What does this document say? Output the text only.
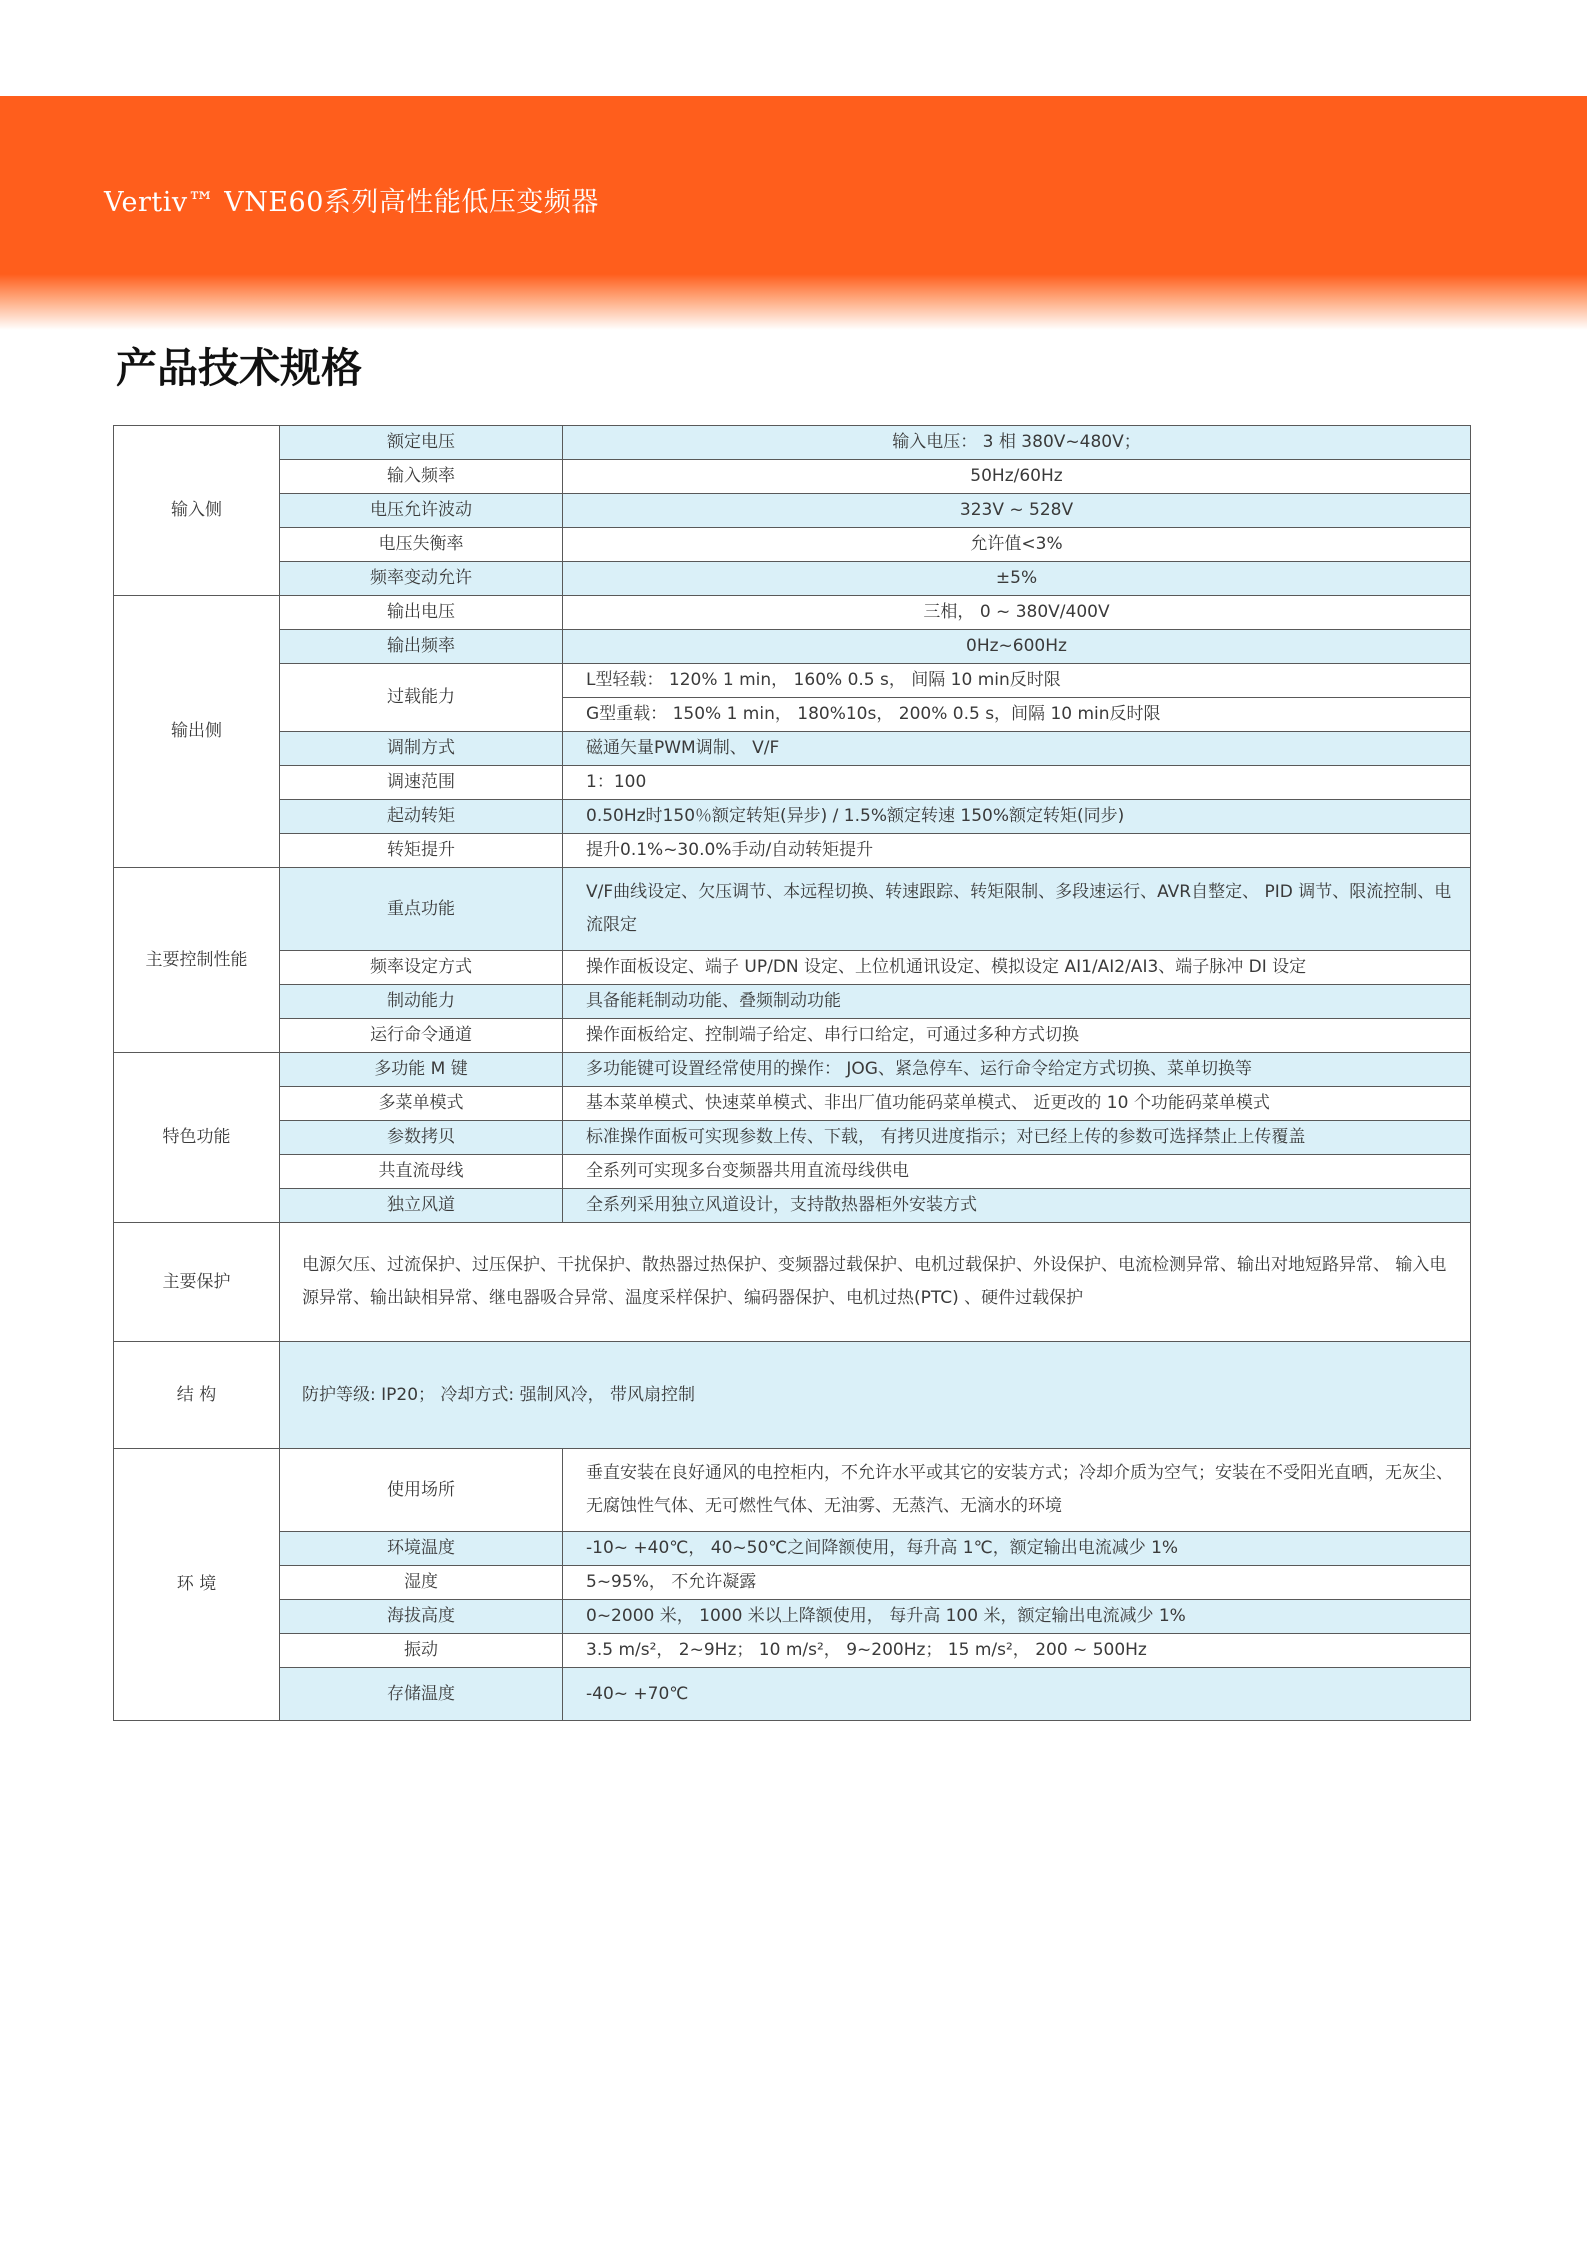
Vertiv™ VNE60系列高性能低压变频器
产品技术规格
输入侧	额定电压	输入电压： 3 相 380V~480V；
	输入频率	50Hz/60Hz
	电压允许波动	323V ~ 528V
	电压失衡率	允许值<3%
	频率变动允许	±5%
输出侧	输出电压	三相， 0 ~ 380V/400V
	输出频率	0Hz~600Hz
	过载能力	L型轻载： 120% 1 min， 160% 0.5 s， 间隔 10 min反时限
		G型重载： 150% 1 min， 180%10s， 200% 0.5 s，间隔 10 min反时限
	调制方式	磁通矢量PWM调制、 V/F
	调速范围	1：100
	起动转矩	0.50Hz时150％额定转矩(异步) / 1.5%额定转速 150%额定转矩(同步)
	转矩提升	提升0.1%~30.0%手动/自动转矩提升
主要控制性能	重点功能	V/F曲线设定、欠压调节、本远程切换、转速跟踪、转矩限制、多段速运行、AVR自整定、 PID 调节、限流控制、电流限定
	频率设定方式	操作面板设定、端子 UP/DN 设定、上位机通讯设定、模拟设定 AI1/AI2/AI3、端子脉冲 DI 设定
	制动能力	具备能耗制动功能、叠频制动功能
	运行命令通道	操作面板给定、控制端子给定、串行口给定，可通过多种方式切换
特色功能	多功能 M 键	多功能键可设置经常使用的操作： JOG、紧急停车、运行命令给定方式切换、菜单切换等
	多菜单模式	基本菜单模式、快速菜单模式、非出厂值功能码菜单模式、 近更改的 10 个功能码菜单模式
	参数拷贝	标准操作面板可实现参数上传、下载， 有拷贝进度指示；对已经上传的参数可选择禁止上传覆盖
	共直流母线	全系列可实现多台变频器共用直流母线供电
	独立风道	全系列采用独立风道设计，支持散热器柜外安装方式
主要保护	电源欠压、过流保护、过压保护、干扰保护、散热器过热保护、变频器过载保护、电机过载保护、外设保护、电流检测异常、输出对地短路异常、 输入电源异常、输出缺相异常、继电器吸合异常、温度采样保护、编码器保护、电机过热(PTC) 、硬件过载保护	
结 构	防护等级: IP20； 冷却方式: 强制风冷， 带风扇控制	
环 境	使用场所	垂直安装在良好通风的电控柜内，不允许水平或其它的安装方式；冷却介质为空气；安装在不受阳光直晒，无灰尘、无腐蚀性气体、无可燃性气体、无油雾、无蒸汽、无滴水的环境
	环境温度	-10~ +40℃， 40~50℃之间降额使用，每升高 1℃，额定输出电流减少 1%
	湿度	5~95%， 不允许凝露
	海拔高度	0~2000 米， 1000 米以上降额使用， 每升高 100 米，额定输出电流减少 1%
	振动	3.5 m/s²， 2~9Hz； 10 m/s²， 9~200Hz； 15 m/s²， 200 ~ 500Hz
	存储温度	-40~ +70℃
